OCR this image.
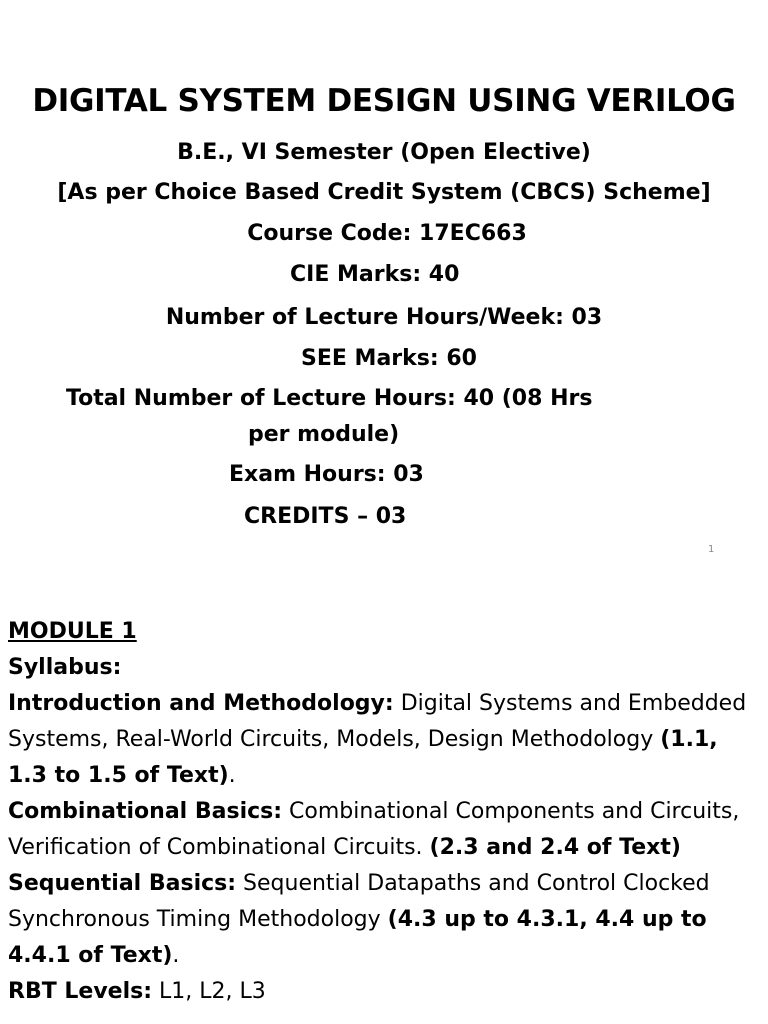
DIGITAL SYSTEM DESIGN USING VERILOG
B.E., VI Semester (Open Elective)
[As per Choice Based Credit System (CBCS) Scheme]
Course Code: 17EC663
CIE Marks: 40
Number of Lecture Hours/Week: 03
SEE Marks: 60
Total Number of Lecture Hours: 40 (08 Hrs
per module)
Exam Hours: 03
CREDITS – 03
1

MODULE 1

Syllabus:

Introduction and Methodology: Digital Systems and Embedded Systems, Real-World Circuits, Models, Design Methodology (1.1, 1.3 to 1.5 of Text).

Combinational Basics: Combinational Components and Circuits, Verification of Combinational Circuits. (2.3 and 2.4 of Text)

Sequential Basics: Sequential Datapaths and Control Clocked Synchronous Timing Methodology (4.3 up to 4.3.1, 4.4 up to 4.4.1 of Text).

RBT Levels: L1, L2, L3
